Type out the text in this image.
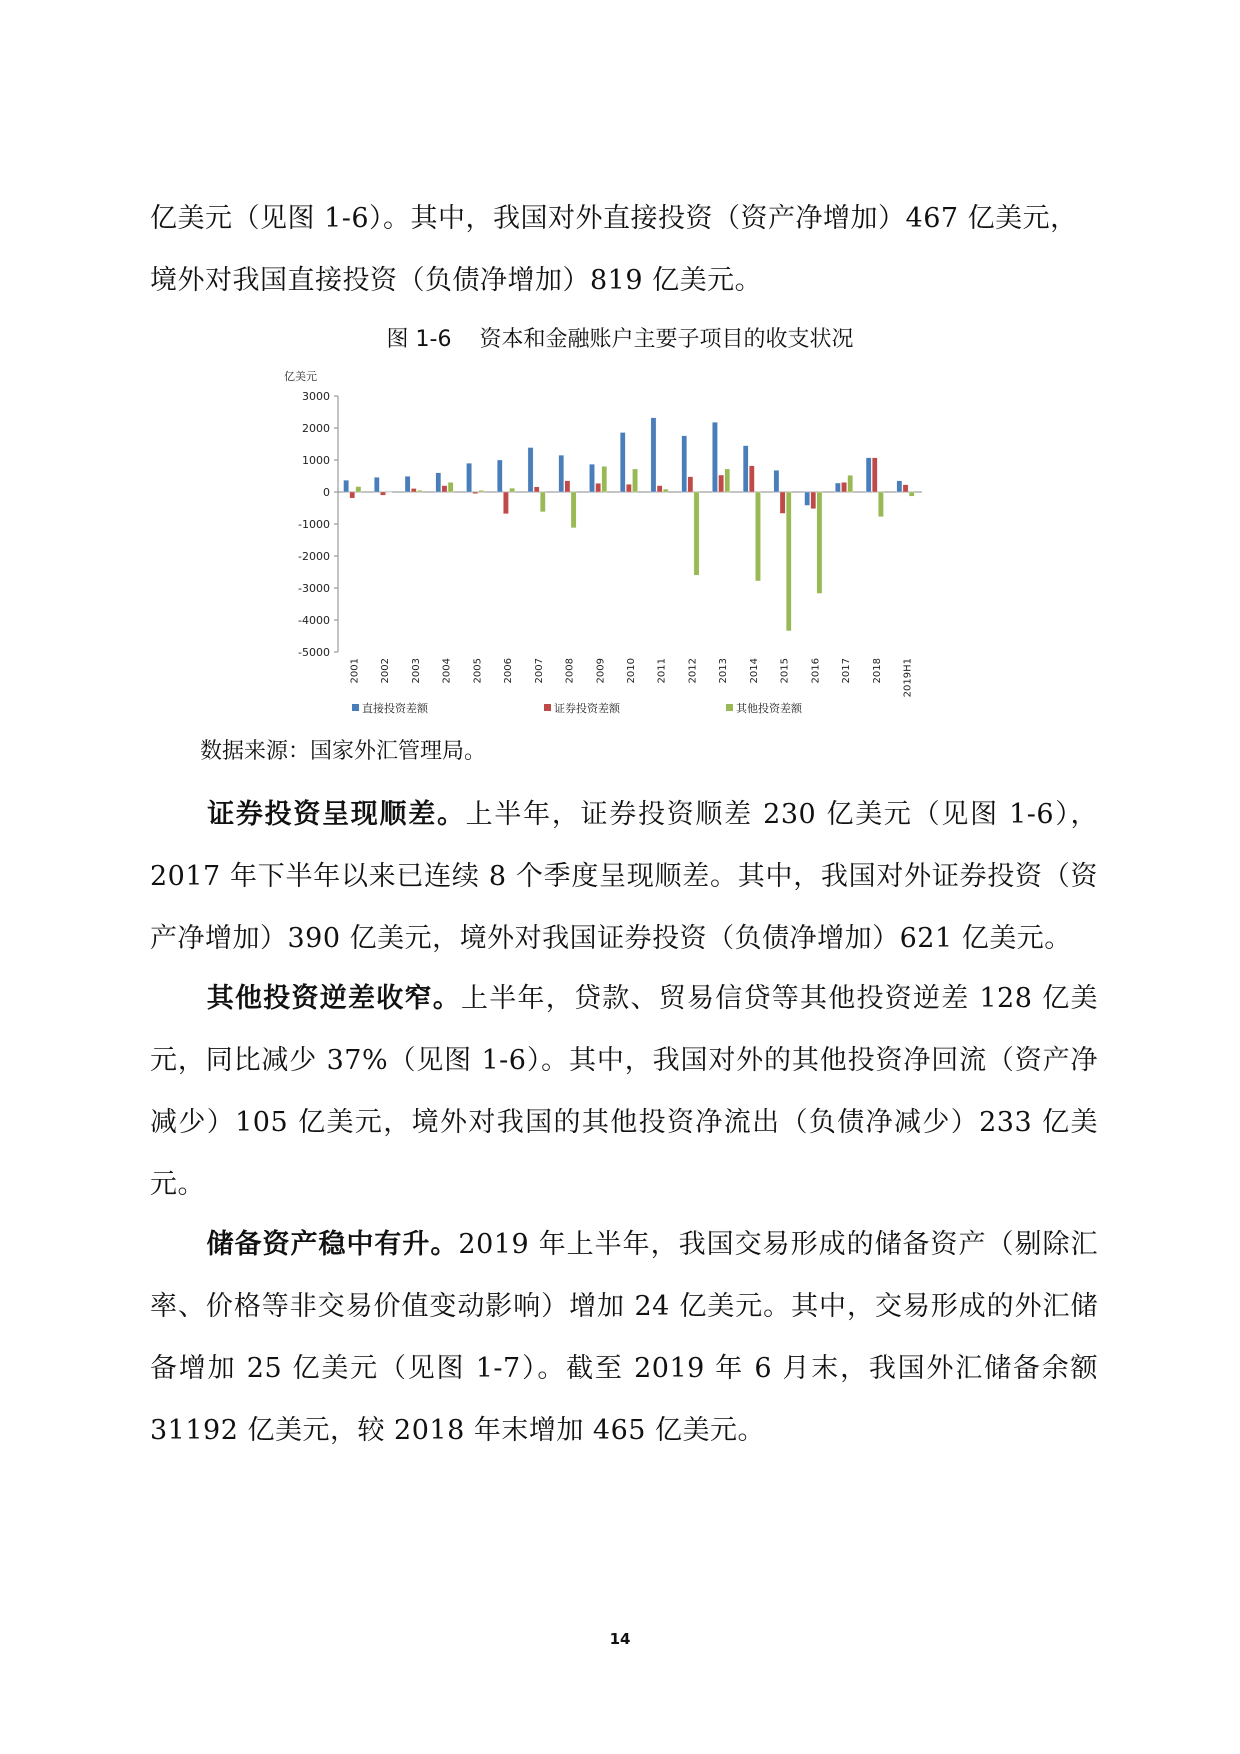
亿美元（见图 1-6）。其中，我国对外直接投资（资产净增加）467 亿美元，
境外对我国直接投资（负债净增加）819 亿美元。
图 1-6 资本和金融账户主要子项目的收支状况
亿美元
3000
2000
1000
0
-1000
-2000
-3000
-4000
-5000
2001 2002 2003 2004 2005 2006 2007 2008 2009 2010 2011 2012 2013 2014 2015 2016 2017 2018 2019H1
直接投资差额	证券投资差额	其他投资差额
数据来源：国家外汇管理局。
证券投资呈现顺差。上半年，证券投资顺差 230 亿美元（见图 1-6），2017 年下半年以来已连续 8 个季度呈现顺差。其中，我国对外证券投资（资产净增加）390 亿美元，境外对我国证券投资（负债净增加）621 亿美元。
其他投资逆差收窄。上半年，贷款、贸易信贷等其他投资逆差 128 亿美元，同比减少 37%（见图 1-6）。其中，我国对外的其他投资净回流（资产净减少）105 亿美元，境外对我国的其他投资净流出（负债净减少）233 亿美元。
储备资产稳中有升。2019 年上半年，我国交易形成的储备资产（剔除汇率、价格等非交易价值变动影响）增加 24 亿美元。其中，交易形成的外汇储备增加 25 亿美元（见图 1-7）。截至 2019 年 6 月末，我国外汇储备余额 31192 亿美元，较 2018 年末增加 465 亿美元。
14
